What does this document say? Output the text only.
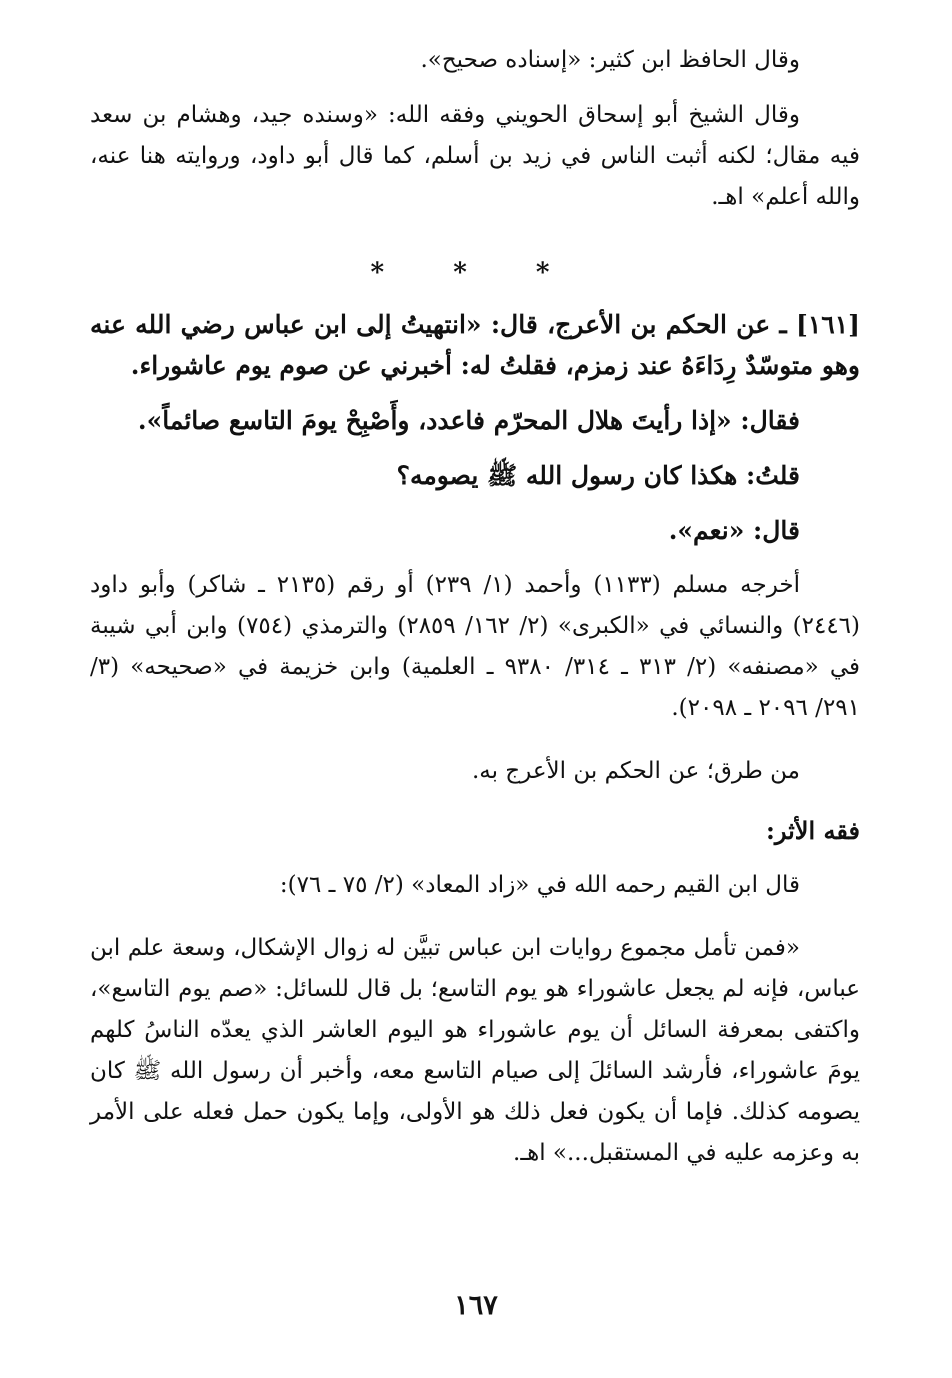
وقال الحافظ ابن كثير: «إسناده صحيح».

وقال الشيخ أبو إسحاق الحويني وفقه الله: «وسنده جيد، وهشام بن سعد فيه مقال؛ لكنه أثبت الناس في زيد بن أسلم، كما قال أبو داود، وروايته هنا عنه، والله أعلم» اهـ.

* * *

[١٦١] ـ عن الحكم بن الأعرج، قال: «انتهيتُ إلى ابن عباس رضي الله عنه وهو متوسّدٌ رِدَاءَهُ عند زمزم، فقلتُ له: أخبرني عن صوم يوم عاشوراء.

فقال: «إذا رأيتَ هلال المحرّم فاعدد، وأَصْبِحْ يومَ التاسع صائماً».

قلتُ: هكذا كان رسول الله ﷺ يصومه؟

قال: «نعم».

أخرجه مسلم (١١٣٣) وأحمد (١/ ٢٣٩) أو رقم (٢١٣٥ ـ شاكر) وأبو داود (٢٤٤٦) والنسائي في «الكبرى» (٢/ ١٦٢/ ٢٨٥٩) والترمذي (٧٥٤) وابن أبي شيبة في «مصنفه» (٢/ ٣١٣ ـ ٣١٤/ ٩٣٨٠ ـ العلمية) وابن خزيمة في «صحيحه» (٣/ ٢٩١/ ٢٠٩٦ ـ ٢٠٩٨).

من طرق؛ عن الحكم بن الأعرج به.

فقه الأثر:

قال ابن القيم رحمه الله في «زاد المعاد» (٢/ ٧٥ ـ ٧٦):

«فمن تأمل مجموع روايات ابن عباس تبيَّن له زوال الإشكال، وسعة علم ابن عباس، فإنه لم يجعل عاشوراء هو يوم التاسع؛ بل قال للسائل: «صم يوم التاسع»، واكتفى بمعرفة السائل أن يوم عاشوراء هو اليوم العاشر الذي يعدّه الناسُ كلهم يومَ عاشوراء، فأرشد السائلَ إلى صيام التاسع معه، وأخبر أن رسول الله ﷺ كان يصومه كذلك. فإما أن يكون فعل ذلك هو الأولى، وإما يكون حمل فعله على الأمر به وعزمه عليه في المستقبل...» اهـ.

١٦٧
